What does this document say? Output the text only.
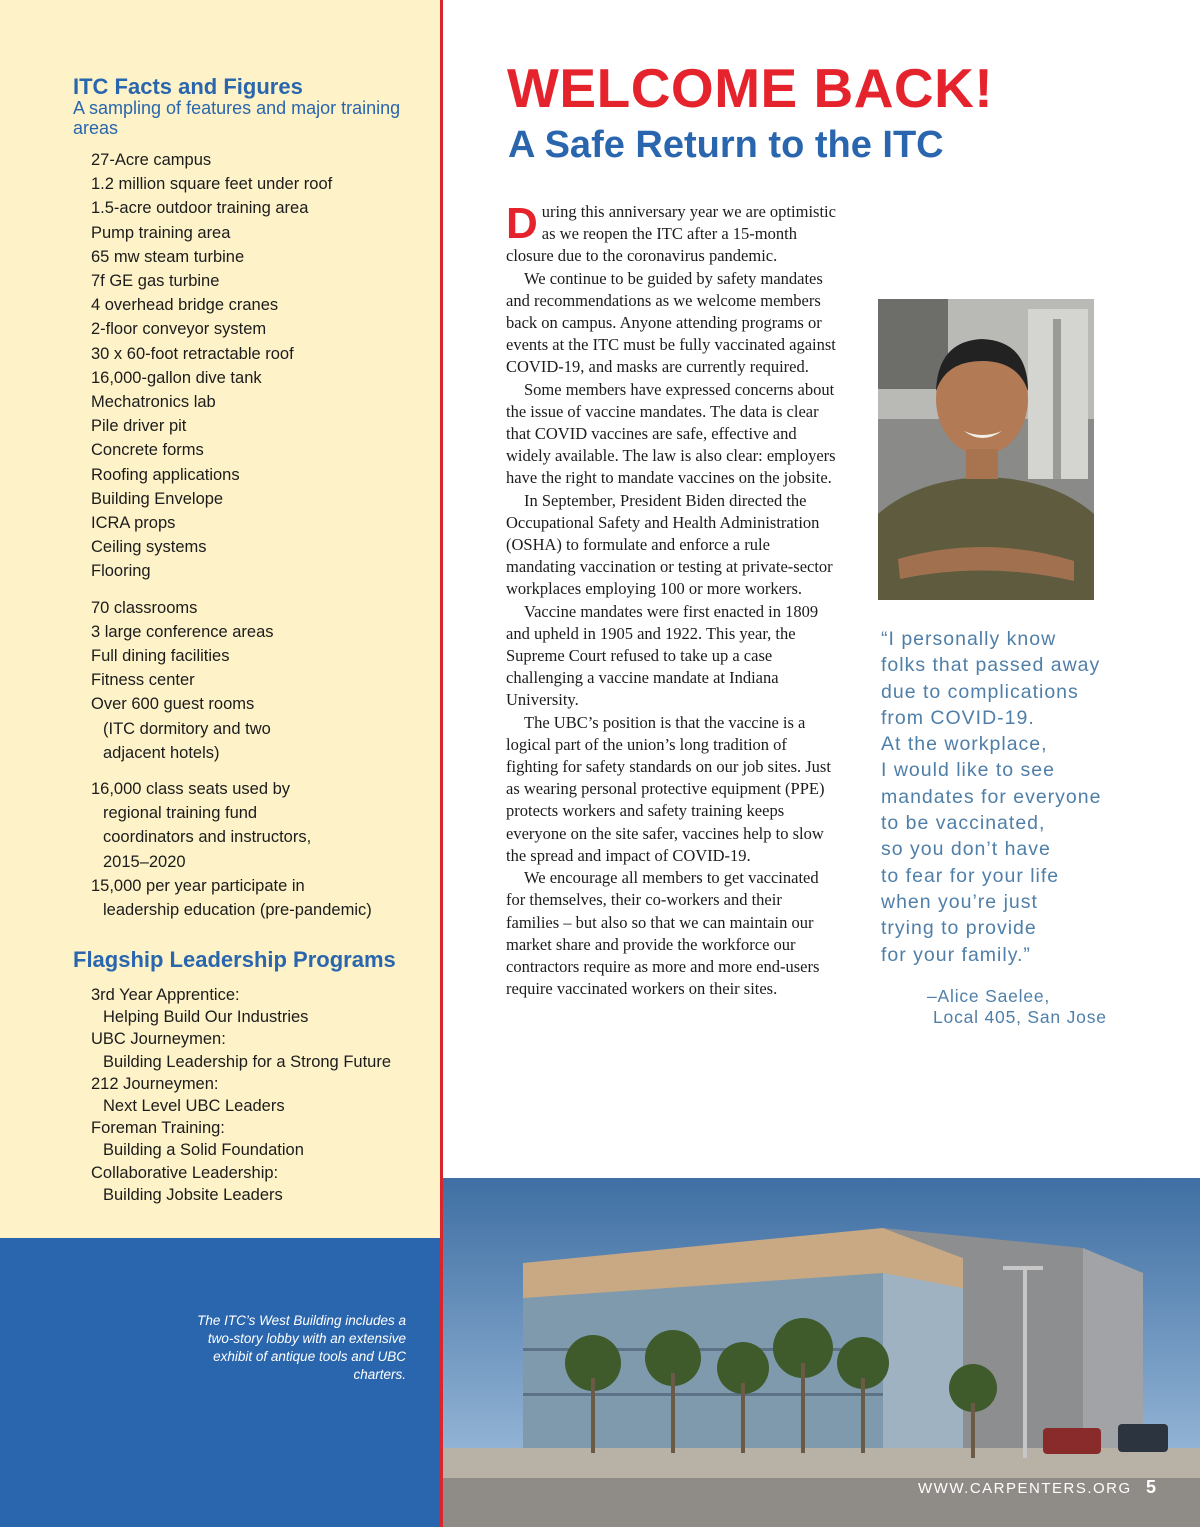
ITC Facts and Figures

A sampling of features and major training areas

27-Acre campus
1.2 million square feet under roof
1.5-acre outdoor training area
Pump training area
65 mw steam turbine
7f GE gas turbine
4 overhead bridge cranes
2-floor conveyor system
30 x 60-foot retractable roof
16,000-gallon dive tank
Mechatronics lab
Pile driver pit
Concrete forms
Roofing applications
Building Envelope
ICRA props
Ceiling systems
Flooring
70 classrooms
3 large conference areas
Full dining facilities
Fitness center
Over 600 guest rooms
(ITC dormitory and two
adjacent hotels)
16,000 class seats used by
regional training fund
coordinators and instructors,
2015–2020
15,000 per year participate in
leadership education (pre-pandemic)
Flagship Leadership Programs
3rd Year Apprentice:
Helping Build Our Industries
UBC Journeymen:
Building Leadership for a Strong Future
212 Journeymen:
Next Level UBC Leaders
Foreman Training:
Building a Solid Foundation
Collaborative Leadership:
Building Jobsite Leaders

The ITC’s West Building includes a two-story lobby with an extensive exhibit of antique tools and UBC charters.

WELCOME BACK!
A Safe Return to the ITC

During this anniversary year we are optimistic as we reopen the ITC after a 15-month closure due to the coronavirus pandemic.

We continue to be guided by safety mandates and recommendations as we welcome members back on campus. Anyone attending programs or events at the ITC must be fully vaccinated against COVID-19, and masks are currently required.

Some members have expressed concerns about the issue of vaccine mandates. The data is clear that COVID vaccines are safe, effective and widely available. The law is also clear: employers have the right to mandate vaccines on the jobsite.

In September, President Biden directed the Occupational Safety and Health Administration (OSHA) to formulate and enforce a rule mandating vaccination or testing at private-sector workplaces employing 100 or more workers.

Vaccine mandates were first enacted in 1809 and upheld in 1905 and 1922. This year, the Supreme Court refused to take up a case challenging a vaccine mandate at Indiana University.

The UBC’s position is that the vaccine is a logical part of the union’s long tradition of fighting for safety standards on our job sites. Just as wearing personal protective equipment (PPE) protects workers and safety training keeps everyone on the site safer, vaccines help to slow the spread and impact of COVID-19.

We encourage all members to get vaccinated for themselves, their co-workers and their families – but also so that we can maintain our market share and provide the workforce our contractors require as more and more end-users require vaccinated workers on their sites.

“I personally know
folks that passed away
due to complications
from COVID-19.
At the workplace,
I would like to see
mandates for everyone
to be vaccinated,
so you don’t have
to fear for your life
when you’re just
trying to provide
for your family.”

–Alice Saelee,
Local 405, San Jose

WWW.CARPENTERS.ORG 5
